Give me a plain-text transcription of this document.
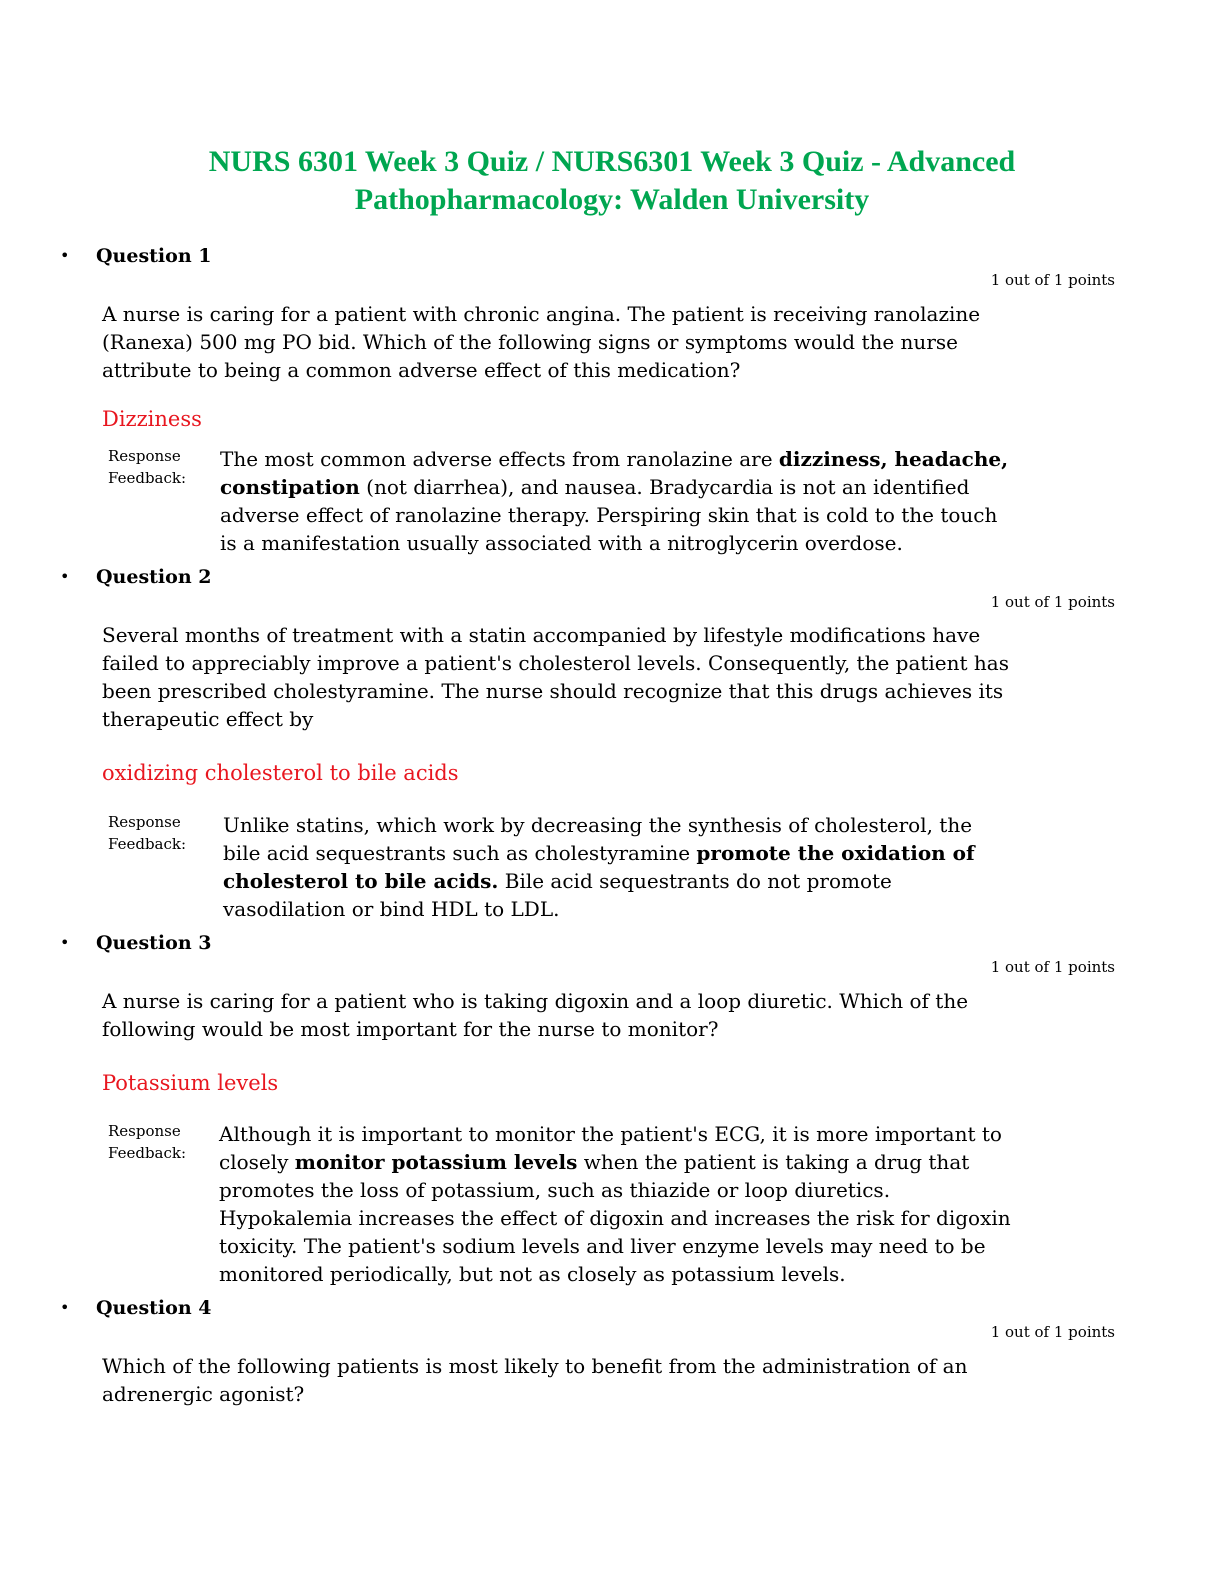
NURS 6301 Week 3 Quiz / NURS6301 Week 3 Quiz - Advanced
Pathopharmacology: Walden University
• Question 1
1 out of 1 points
A nurse is caring for a patient with chronic angina. The patient is receiving ranolazine
(Ranexa) 500 mg PO bid. Which of the following signs or symptoms would the nurse
attribute to being a common adverse effect of this medication?
Dizziness
Response
Feedback:
The most common adverse effects from ranolazine are dizziness, headache,
constipation (not diarrhea), and nausea. Bradycardia is not an identified
adverse effect of ranolazine therapy. Perspiring skin that is cold to the touch
is a manifestation usually associated with a nitroglycerin overdose.
• Question 2
1 out of 1 points
Several months of treatment with a statin accompanied by lifestyle modifications have
failed to appreciably improve a patient's cholesterol levels. Consequently, the patient has
been prescribed cholestyramine. The nurse should recognize that this drugs achieves its
therapeutic effect by
oxidizing cholesterol to bile acids
Response
Feedback:
Unlike statins, which work by decreasing the synthesis of cholesterol, the
bile acid sequestrants such as cholestyramine promote the oxidation of
cholesterol to bile acids. Bile acid sequestrants do not promote
vasodilation or bind HDL to LDL.
• Question 3
1 out of 1 points
A nurse is caring for a patient who is taking digoxin and a loop diuretic. Which of the
following would be most important for the nurse to monitor?
Potassium levels
Response
Feedback:
Although it is important to monitor the patient's ECG, it is more important to
closely monitor potassium levels when the patient is taking a drug that
promotes the loss of potassium, such as thiazide or loop diuretics.
Hypokalemia increases the effect of digoxin and increases the risk for digoxin
toxicity. The patient's sodium levels and liver enzyme levels may need to be
monitored periodically, but not as closely as potassium levels.
• Question 4
1 out of 1 points
Which of the following patients is most likely to benefit from the administration of an
adrenergic agonist?
